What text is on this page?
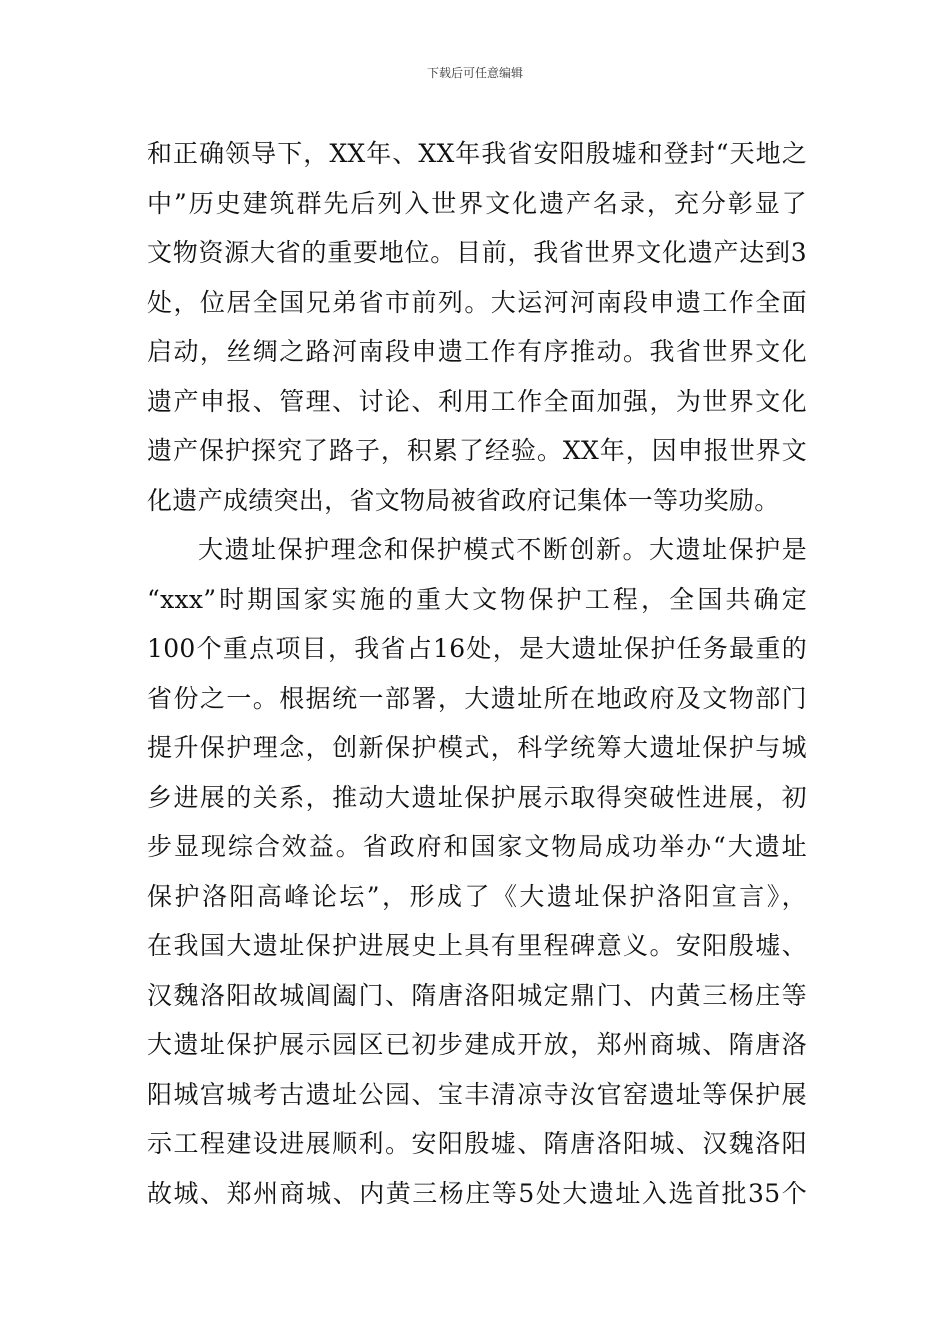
下载后可任意编辑
和正确领导下，XX年、XX年我省安阳殷墟和登封“天地之
中”历史建筑群先后列入世界文化遗产名录，充分彰显了
文物资源大省的重要地位。目前，我省世界文化遗产达到3
处，位居全国兄弟省市前列。大运河河南段申遗工作全面
启动，丝绸之路河南段申遗工作有序推动。我省世界文化
遗产申报、管理、讨论、利用工作全面加强，为世界文化
遗产保护探究了路子，积累了经验。XX年，因申报世界文
化遗产成绩突出，省文物局被省政府记集体一等功奖励。
大遗址保护理念和保护模式不断创新。大遗址保护是
“xxx”时期国家实施的重大文物保护工程，全国共确定
100个重点项目，我省占16处，是大遗址保护任务最重的
省份之一。根据统一部署，大遗址所在地政府及文物部门
提升保护理念，创新保护模式，科学统筹大遗址保护与城
乡进展的关系，推动大遗址保护展示取得突破性进展，初
步显现综合效益。省政府和国家文物局成功举办“大遗址
保护洛阳高峰论坛”，形成了《大遗址保护洛阳宣言》，
在我国大遗址保护进展史上具有里程碑意义。安阳殷墟、
汉魏洛阳故城阊阖门、隋唐洛阳城定鼎门、内黄三杨庄等
大遗址保护展示园区已初步建成开放，郑州商城、隋唐洛
阳城宫城考古遗址公园、宝丰清凉寺汝官窑遗址等保护展
示工程建设进展顺利。安阳殷墟、隋唐洛阳城、汉魏洛阳
故城、郑州商城、内黄三杨庄等5处大遗址入选首批35个
